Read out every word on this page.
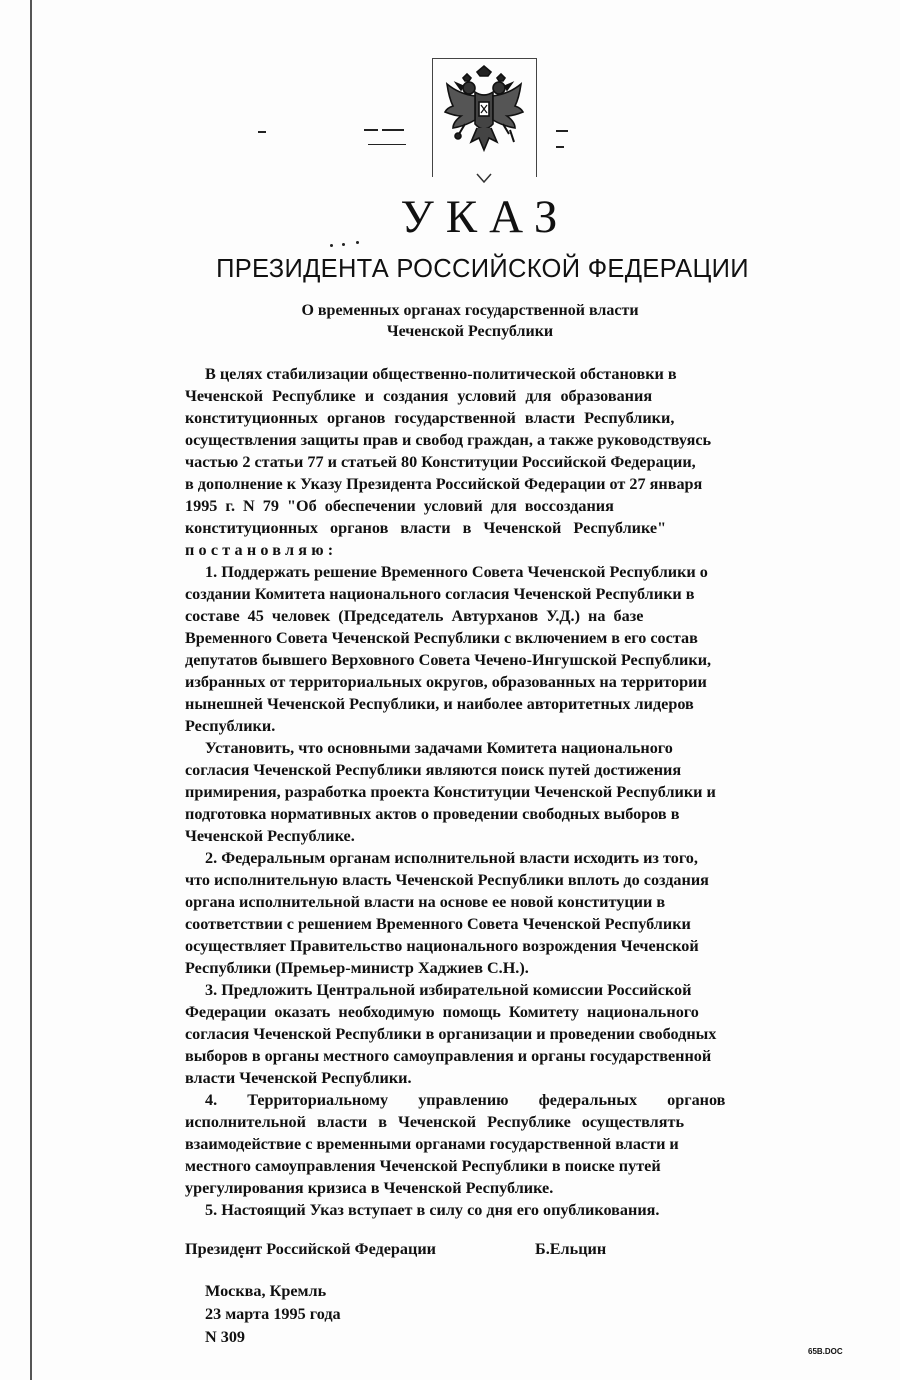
УКАЗ
ПРЕЗИДЕНТА РОССИЙСКОЙ ФЕДЕРАЦИИ
О временных органах государственной власти
Чеченской Республики
В целях стабилизации общественно-политической обстановки в
Чеченской Республике и создания условий для образования
конституционных органов государственной власти Республики,
осуществления защиты прав и свобод граждан, а также руководствуясь
частью 2 статьи 77 и статьей 80 Конституции Российской Федерации,
в дополнение к Указу Президента Российской Федерации от 27 января
1995 г. N 79 "Об обеспечении условий для воссоздания
конституционных органов власти в Чеченской Республике"
постановляю:
1. Поддержать решение Временного Совета Чеченской Республики о
создании Комитета национального согласия Чеченской Республики в
составе 45 человек (Председатель Автурханов У.Д.) на базе
Временного Совета Чеченской Республики с включением в его состав
депутатов бывшего Верховного Совета Чечено-Ингушской Республики,
избранных от территориальных округов, образованных на территории
нынешней Чеченской Республики, и наиболее авторитетных лидеров
Республики.
Установить, что основными задачами Комитета национального
согласия Чеченской Республики являются поиск путей достижения
примирения, разработка проекта Конституции Чеченской Республики и
подготовка нормативных актов о проведении свободных выборов в
Чеченской Республике.
2. Федеральным органам исполнительной власти исходить из того,
что исполнительную власть Чеченской Республики вплоть до создания
органа исполнительной власти на основе ее новой конституции в
соответствии с решением Временного Совета Чеченской Республики
осуществляет Правительство национального возрождения Чеченской
Республики (Премьер-министр Хаджиев С.Н.).
3. Предложить Центральной избирательной комиссии Российской
Федерации оказать необходимую помощь Комитету национального
согласия Чеченской Республики в организации и проведении свободных
выборов в органы местного самоуправления и органы государственной
власти Чеченской Республики.
4. Территориальному управлению федеральных органов
исполнительной власти в Чеченской Республике осуществлять
взаимодействие с временными органами государственной власти и
местного самоуправления Чеченской Республики в поиске путей
урегулирования кризиса в Чеченской Республике.
5. Настоящий Указ вступает в силу со дня его опубликования.
Президент Российской Федерации	Б.Ельцин
Москва, Кремль
23 марта 1995 года
N 309
65B.DOC
